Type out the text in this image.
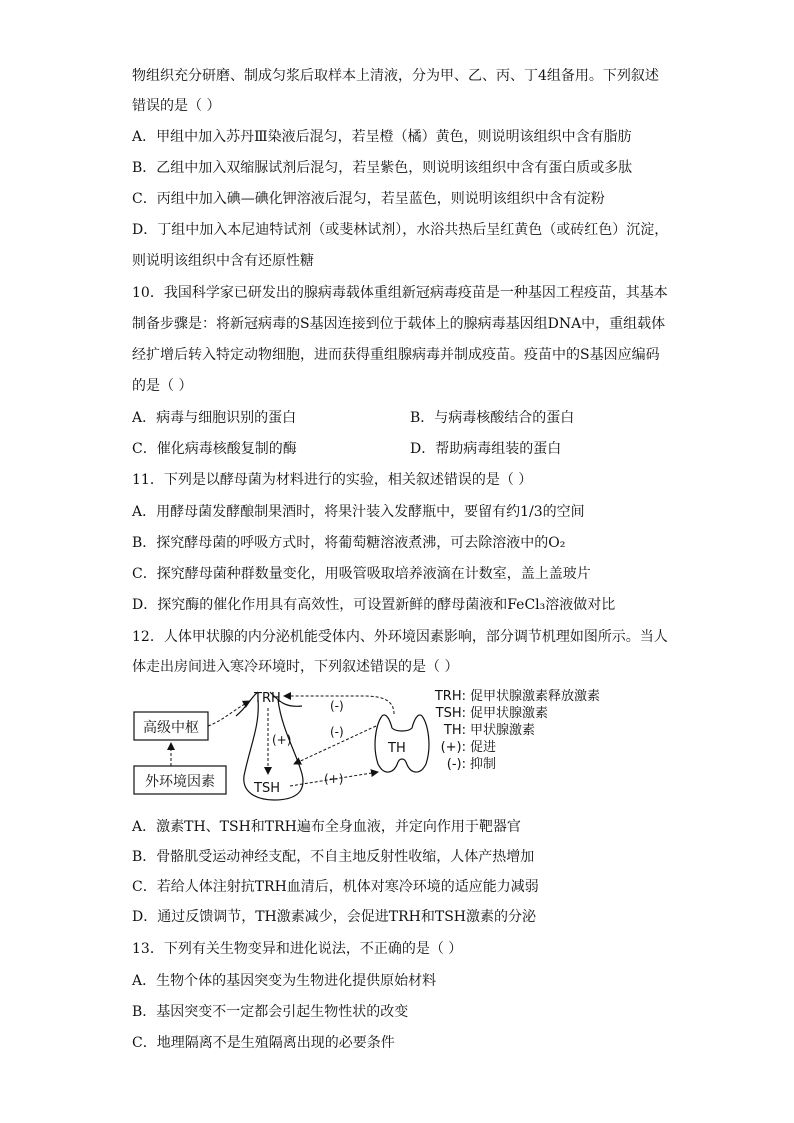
物组织充分研磨、制成匀浆后取样本上清液，分为甲、乙、丙、丁4组备用。下列叙述
错误的是（ ）
A．甲组中加入苏丹Ⅲ染液后混匀，若呈橙（橘）黄色，则说明该组织中含有脂肪
B．乙组中加入双缩脲试剂后混匀，若呈紫色，则说明该组织中含有蛋白质或多肽
C．丙组中加入碘—碘化钾溶液后混匀，若呈蓝色，则说明该组织中含有淀粉
D．丁组中加入本尼迪特试剂（或斐林试剂），水浴共热后呈红黄色（或砖红色）沉淀，
则说明该组织中含有还原性糖
10．我国科学家已研发出的腺病毒载体重组新冠病毒疫苗是一种基因工程疫苗，其基本
制备步骤是：将新冠病毒的S基因连接到位于载体上的腺病毒基因组DNA中，重组载体
经扩增后转入特定动物细胞，进而获得重组腺病毒并制成疫苗。疫苗中的S基因应编码
的是（ ）
A．病毒与细胞识别的蛋白	B．与病毒核酸结合的蛋白
C．催化病毒核酸复制的酶	D．帮助病毒组装的蛋白
11．下列是以酵母菌为材料进行的实验，相关叙述错误的是（ ）
A．用酵母菌发酵酿制果酒时，将果汁装入发酵瓶中，要留有约1/3的空间
B．探究酵母菌的呼吸方式时，将葡萄糖溶液煮沸，可去除溶液中的O₂
C．探究酵母菌种群数量变化，用吸管吸取培养液滴在计数室，盖上盖玻片
D．探究酶的催化作用具有高效性，可设置新鲜的酵母菌液和FeCl₃溶液做对比
12．人体甲状腺的内分泌机能受体内、外环境因素影响，部分调节机理如图所示。当人
体走出房间进入寒冷环境时，下列叙述错误的是（ ）
高级中枢
外环境因素
TRH
(+)
TSH
(+)
(-)
(-)
TH
TRH: 促甲状腺激素释放激素
TSH: 促甲状腺激素
TH: 甲状腺激素
(+): 促进
(-): 抑制
A．激素TH、TSH和TRH遍布全身血液，并定向作用于靶器官
B．骨骼肌受运动神经支配，不自主地反射性收缩，人体产热增加
C．若给人体注射抗TRH血清后，机体对寒冷环境的适应能力减弱
D．通过反馈调节，TH激素减少，会促进TRH和TSH激素的分泌
13．下列有关生物变异和进化说法，不正确的是（ ）
A．生物个体的基因突变为生物进化提供原始材料
B．基因突变不一定都会引起生物性状的改变
C．地理隔离不是生殖隔离出现的必要条件
